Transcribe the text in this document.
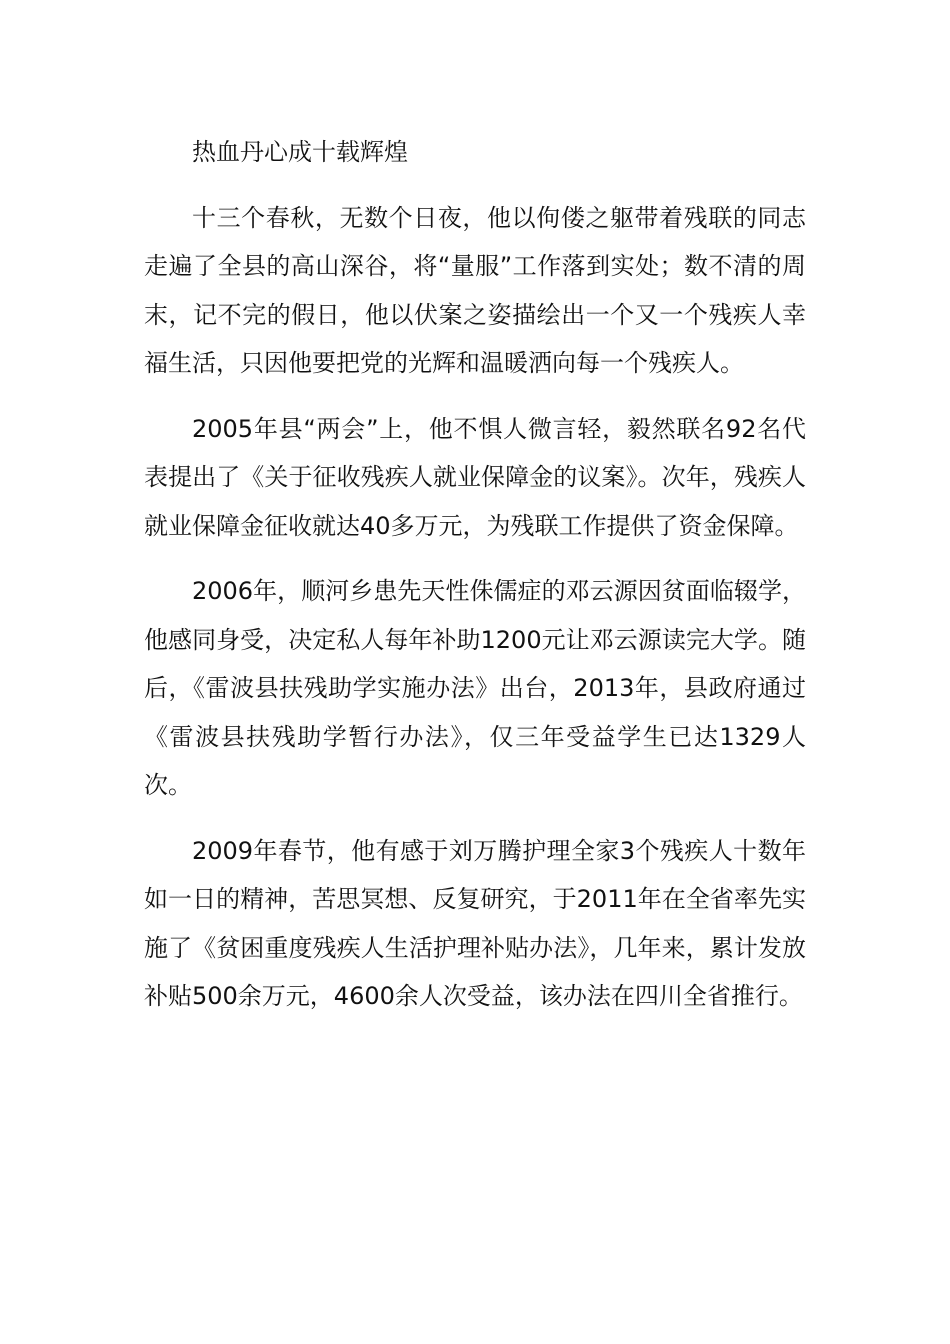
热血丹心成十载辉煌

十三个春秋，无数个日夜，他以佝偻之躯带着残联的同志走遍了全县的高山深谷，将“量服”工作落到实处；数不清的周末，记不完的假日，他以伏案之姿描绘出一个又一个残疾人幸福生活，只因他要把党的光辉和温暖洒向每一个残疾人。

2005年县“两会”上，他不惧人微言轻，毅然联名92名代表提出了《关于征收残疾人就业保障金的议案》。次年，残疾人就业保障金征收就达40多万元，为残联工作提供了资金保障。

2006年，顺河乡患先天性侏儒症的邓云源因贫面临辍学，他感同身受，决定私人每年补助1200元让邓云源读完大学。随后，《雷波县扶残助学实施办法》出台，2013年，县政府通过《雷波县扶残助学暂行办法》，仅三年受益学生已达1329人次。

2009年春节，他有感于刘万腾护理全家3个残疾人十数年如一日的精神，苦思冥想、反复研究，于2011年在全省率先实施了《贫困重度残疾人生活护理补贴办法》，几年来，累计发放补贴500余万元，4600余人次受益，该办法在四川全省推行。
